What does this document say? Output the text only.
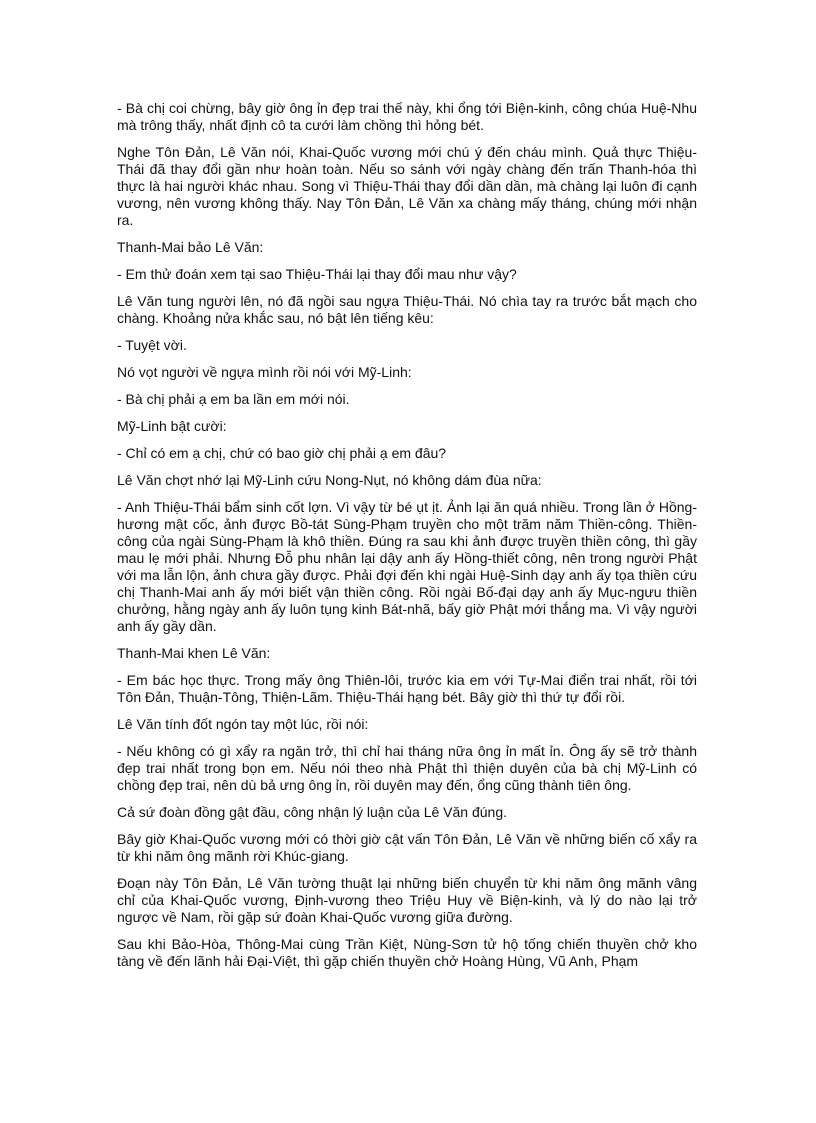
- Bà chị coi chừng, bây giờ ông ỉn đẹp trai thế này, khi ổng tới Biện-kinh, công chúa Huệ-Nhu mà trông thấy, nhất định cô ta cưới làm chồng thì hỏng bét.

Nghe Tôn Đản, Lê Văn nói, Khai-Quốc vương mới chú ý đến cháu mình. Quả thực Thiệu-Thái đã thay đổi gần như hoàn toàn. Nếu so sánh với ngày chàng đến trấn Thanh-hóa thì thực là hai người khác nhau. Song vì Thiệu-Thái thay đổi dần dần, mà chàng lại luôn đi cạnh vương, nên vương không thấy. Nay Tôn Đản, Lê Văn xa chàng mấy tháng, chúng mới nhận ra.

Thanh-Mai bảo Lê Văn:

- Em thử đoán xem tại sao Thiệu-Thái lại thay đổi mau như vậy?

Lê Văn tung người lên, nó đã ngồi sau ngựa Thiệu-Thái. Nó chìa tay ra trước bắt mạch cho chàng. Khoảng nửa khắc sau, nó bật lên tiếng kêu:

- Tuyệt vời.

Nó vọt người về ngựa mình rồi nói với Mỹ-Linh:

- Bà chị phải ạ em ba lần em mới nói.

Mỹ-Linh bật cười:

- Chỉ có em ạ chị, chứ có bao giờ chị phải ạ em đâu?

Lê Văn chợt nhớ lại Mỹ-Linh cứu Nong-Nụt, nó không dám đùa nữa:

- Anh Thiệu-Thái bẩm sinh cốt lợn. Vì vậy từ bé ụt ịt. Ảnh lại ăn quá nhiều. Trong lần ở Hồng-hương mật cốc, ảnh được Bồ-tát Sùng-Phạm truyền cho một trăm năm Thiền-công. Thiền-công của ngài Sùng-Phạm là khô thiền. Đúng ra sau khi ảnh được truyền thiền công, thì gầy mau lẹ mới phải. Nhưng Đỗ phu nhân lại dậy anh ấy Hồng-thiết công, nên trong người Phật với ma lẫn lộn, ảnh chưa gầy được. Phải đợi đến khi ngài Huệ-Sinh dạy anh ấy tọa thiền cứu chị Thanh-Mai anh ấy mới biết vận thiền công. Rồi ngài Bố-đại dạy anh ấy Mục-ngưu thiền chưởng, hằng ngày anh ấy luôn tụng kinh Bát-nhã, bấy giờ Phật mới thắng ma. Vì vậy người anh ấy gầy dần.

Thanh-Mai khen Lê Văn:

- Em bác học thực. Trong mấy ông Thiên-lôi, trước kia em với Tự-Mai điển trai nhất, rồi tới Tôn Đản, Thuận-Tông, Thiện-Lãm. Thiệu-Thái hạng bét. Bây giờ thì thứ tự đổi rồi.

Lê Văn tính đốt ngón tay một lúc, rồi nói:

- Nếu không có gì xẩy ra ngăn trở, thì chỉ hai tháng nữa ông ỉn mất ỉn. Ông ấy sẽ trở thành đẹp trai nhất trong bọn em. Nếu nói theo nhà Phật thì thiện duyên của bà chị Mỹ-Linh có chồng đẹp trai, nên dù bả ưng ông ỉn, rồi duyên may đến, ổng cũng thành tiên ông.

Cả sứ đoàn đồng gật đầu, công nhận lý luận của Lê Văn đúng.

Bây giờ Khai-Quốc vương mới có thời giờ cật vấn Tôn Đản, Lê Văn về những biến cố xẩy ra từ khi năm ông mãnh rời Khúc-giang.

Đoạn này Tôn Đản, Lê Văn tường thuật lại những biến chuyển từ khi năm ông mãnh vâng chỉ của Khai-Quốc vương, Định-vương theo Triệu Huy về Biện-kinh, và lý do nào lại trở ngược về Nam, rồi gặp sứ đoàn Khai-Quốc vương giữa đường.

Sau khi Bảo-Hòa, Thông-Mai cùng Trần Kiệt, Nùng-Sơn tử hộ tống chiến thuyền chở kho tàng về đến lãnh hải Đại-Việt, thì gặp chiến thuyền chở Hoàng Hùng, Vũ Anh, Phạm
